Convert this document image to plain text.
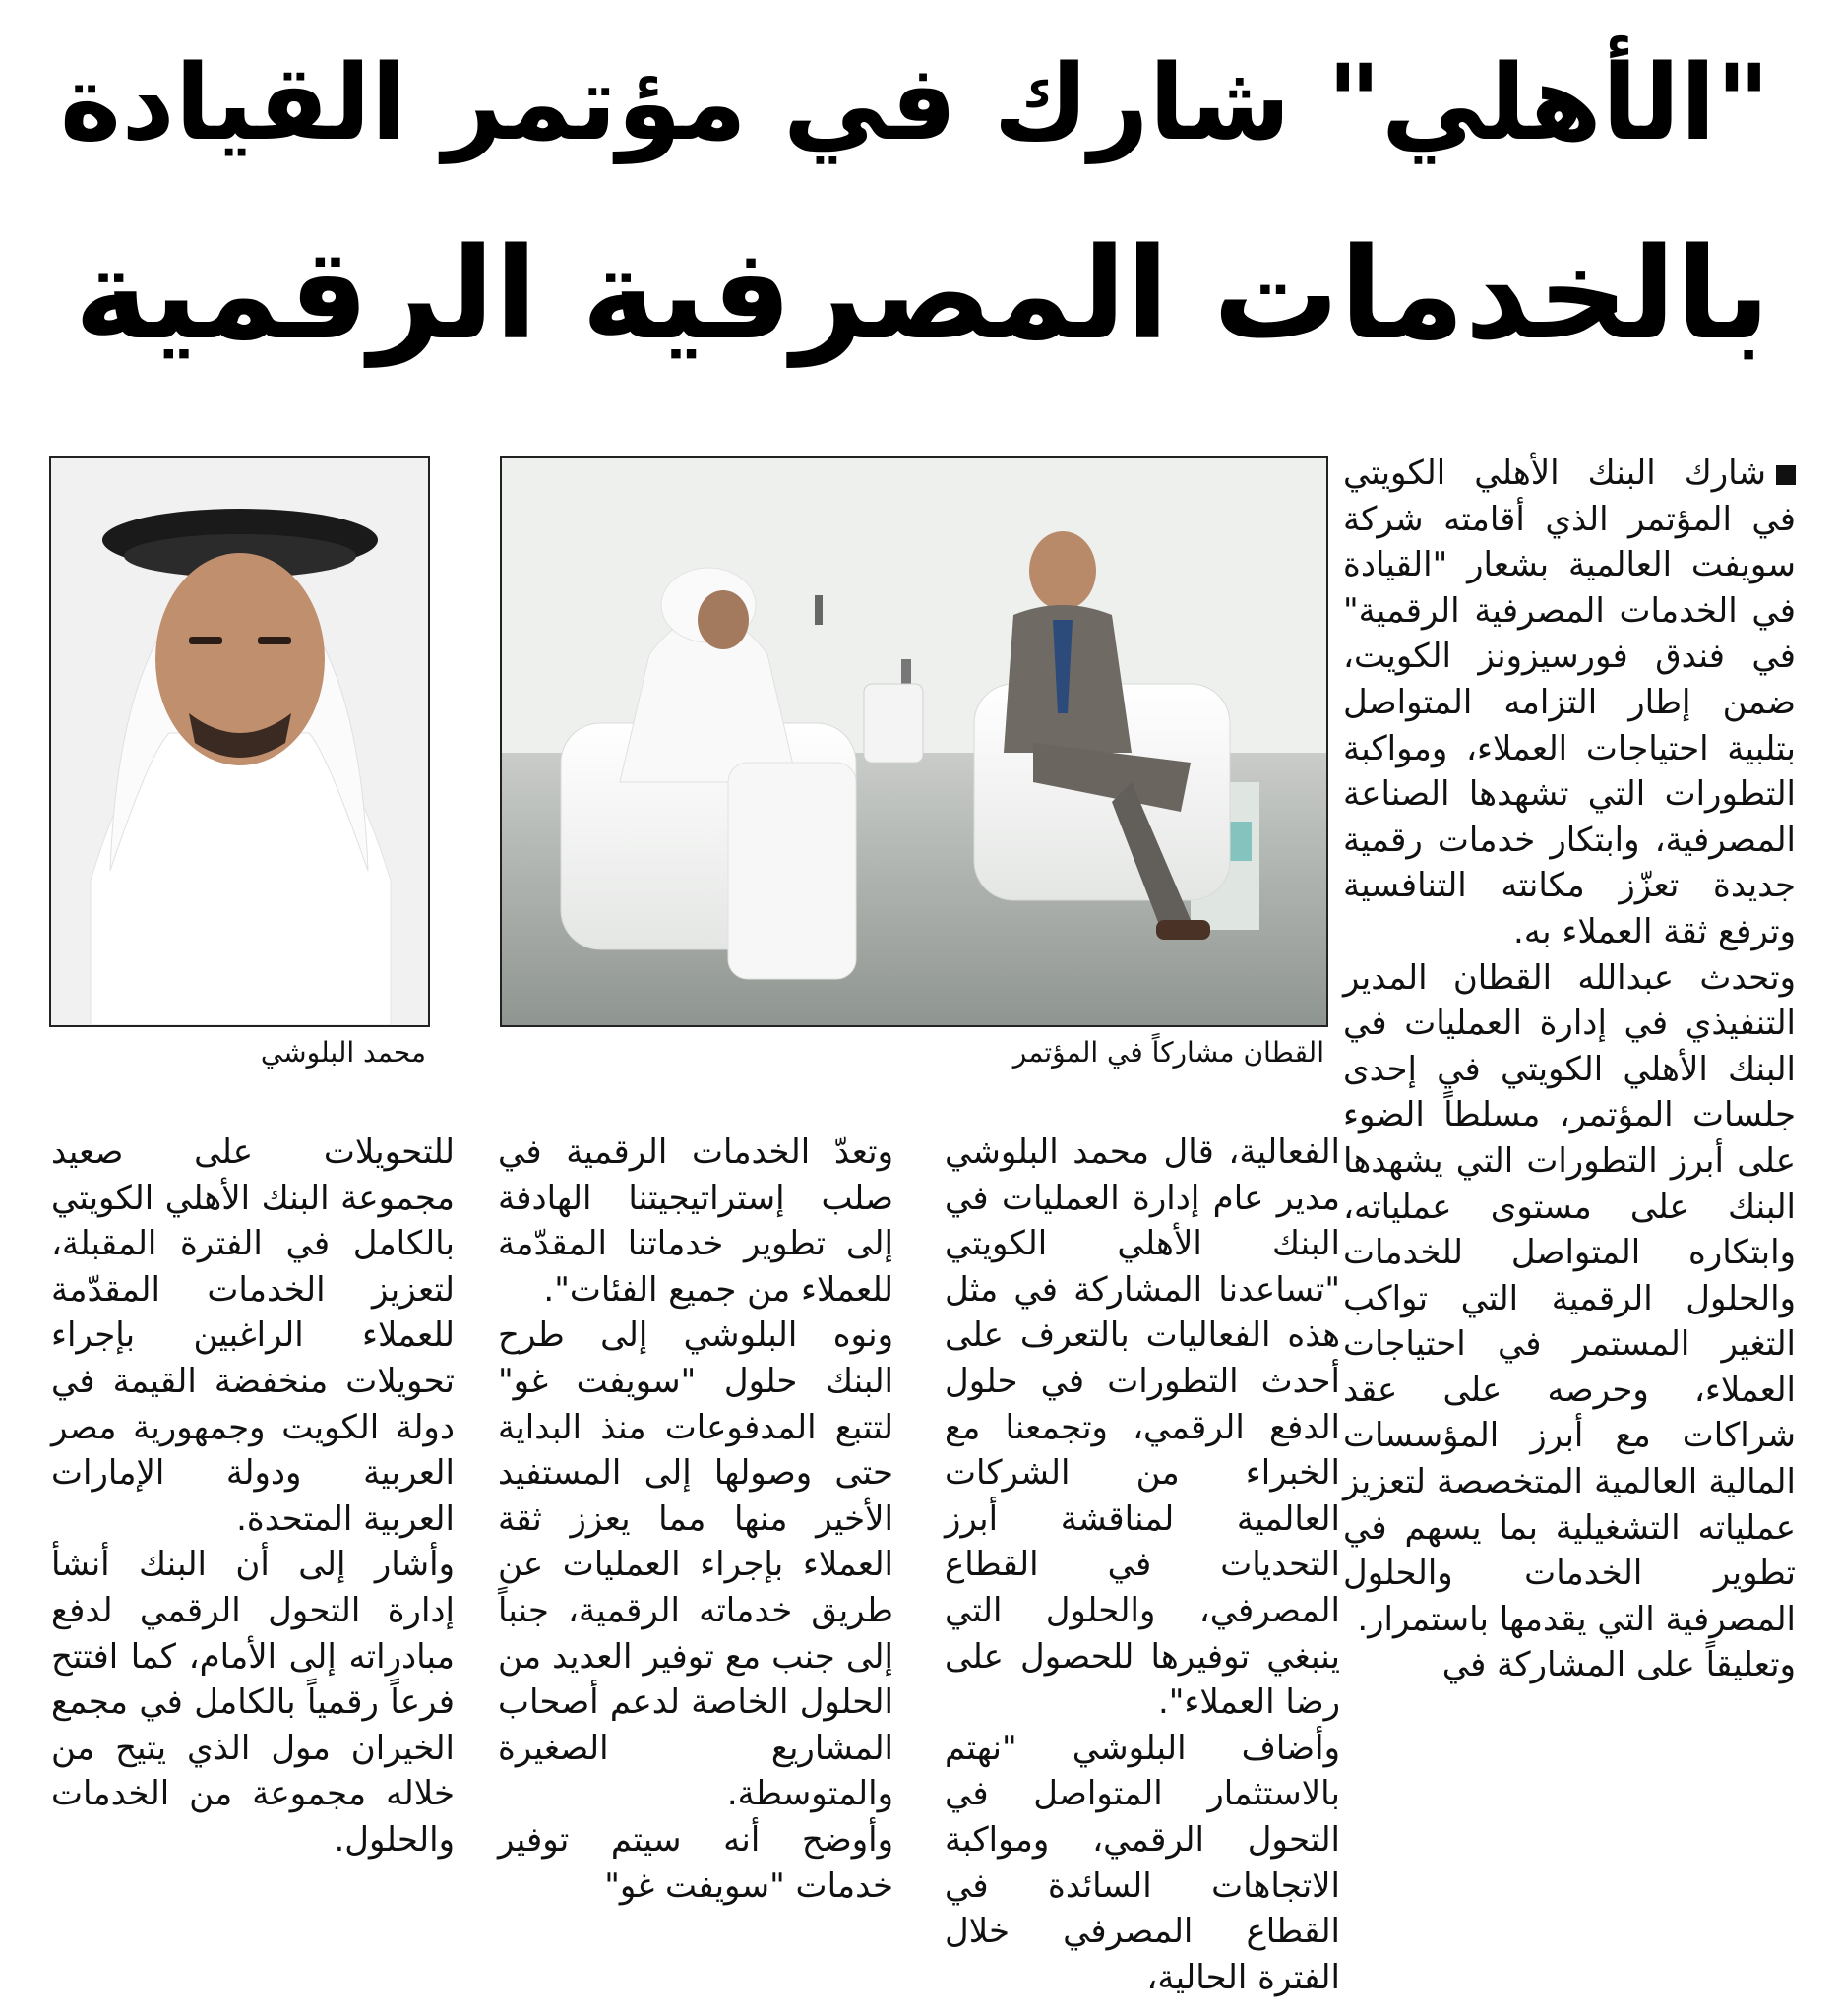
"الأهلي" شارك في مؤتمر القيادة
بالخدمات المصرفية الرقمية
القطان مشاركاً في المؤتمر
محمد البلوشي

شارك البنك الأهلي الكويتي في المؤتمر الذي أقامته شركة سويفت العالمية بشعار "القيادة في الخدمات المصرفية الرقمية" في فندق فورسيزونز الكويت، ضمن إطار التزامه المتواصل بتلبية احتياجات العملاء، ومواكبة التطورات التي تشهدها الصناعة المصرفية، وابتكار خدمات رقمية جديدة تعزّز مكانته التنافسية وترفع ثقة العملاء به.

وتحدث عبدالله القطان المدير التنفيذي في إدارة العمليات في البنك الأهلي الكويتي في إحدى جلسات المؤتمر، مسلطاً الضوء على أبرز التطورات التي يشهدها البنك على مستوى عملياته، وابتكاره المتواصل للخدمات والحلول الرقمية التي تواكب التغير المستمر في احتياجات العملاء، وحرصه على عقد شراكات مع أبرز المؤسسات المالية العالمية المتخصصة لتعزيز عملياته التشغيلية بما يسهم في تطوير الخدمات والحلول المصرفية التي يقدمها باستمرار.

وتعليقاً على المشاركة في

الفعالية، قال محمد البلوشي مدير عام إدارة العمليات في البنك الأهلي الكويتي "تساعدنا المشاركة في مثل هذه الفعاليات بالتعرف على أحدث التطورات في حلول الدفع الرقمي، وتجمعنا مع الخبراء من الشركات العالمية لمناقشة أبرز التحديات في القطاع المصرفي، والحلول التي ينبغي توفيرها للحصول على رضا العملاء".

وأضاف البلوشي "نهتم بالاستثمار المتواصل في التحول الرقمي، ومواكبة الاتجاهات السائدة في القطاع المصرفي خلال الفترة الحالية،

وتعدّ الخدمات الرقمية في صلب إستراتيجيتنا الهادفة إلى تطوير خدماتنا المقدّمة للعملاء من جميع الفئات".

ونوه البلوشي إلى طرح البنك حلول "سويفت غو" لتتبع المدفوعات منذ البداية حتى وصولها إلى المستفيد الأخير منها مما يعزز ثقة العملاء بإجراء العمليات عن طريق خدماته الرقمية، جنباً إلى جنب مع توفير العديد من الحلول الخاصة لدعم أصحاب المشاريع الصغيرة والمتوسطة.

وأوضح أنه سيتم توفير خدمات "سويفت غو"

للتحويلات على صعيد مجموعة البنك الأهلي الكويتي بالكامل في الفترة المقبلة، لتعزيز الخدمات المقدّمة للعملاء الراغبين بإجراء تحويلات منخفضة القيمة في دولة الكويت وجمهورية مصر العربية ودولة الإمارات العربية المتحدة.

وأشار إلى أن البنك أنشأ إدارة التحول الرقمي لدفع مبادراته إلى الأمام، كما افتتح فرعاً رقمياً بالكامل في مجمع الخيران مول الذي يتيح من خلاله مجموعة من الخدمات والحلول.
